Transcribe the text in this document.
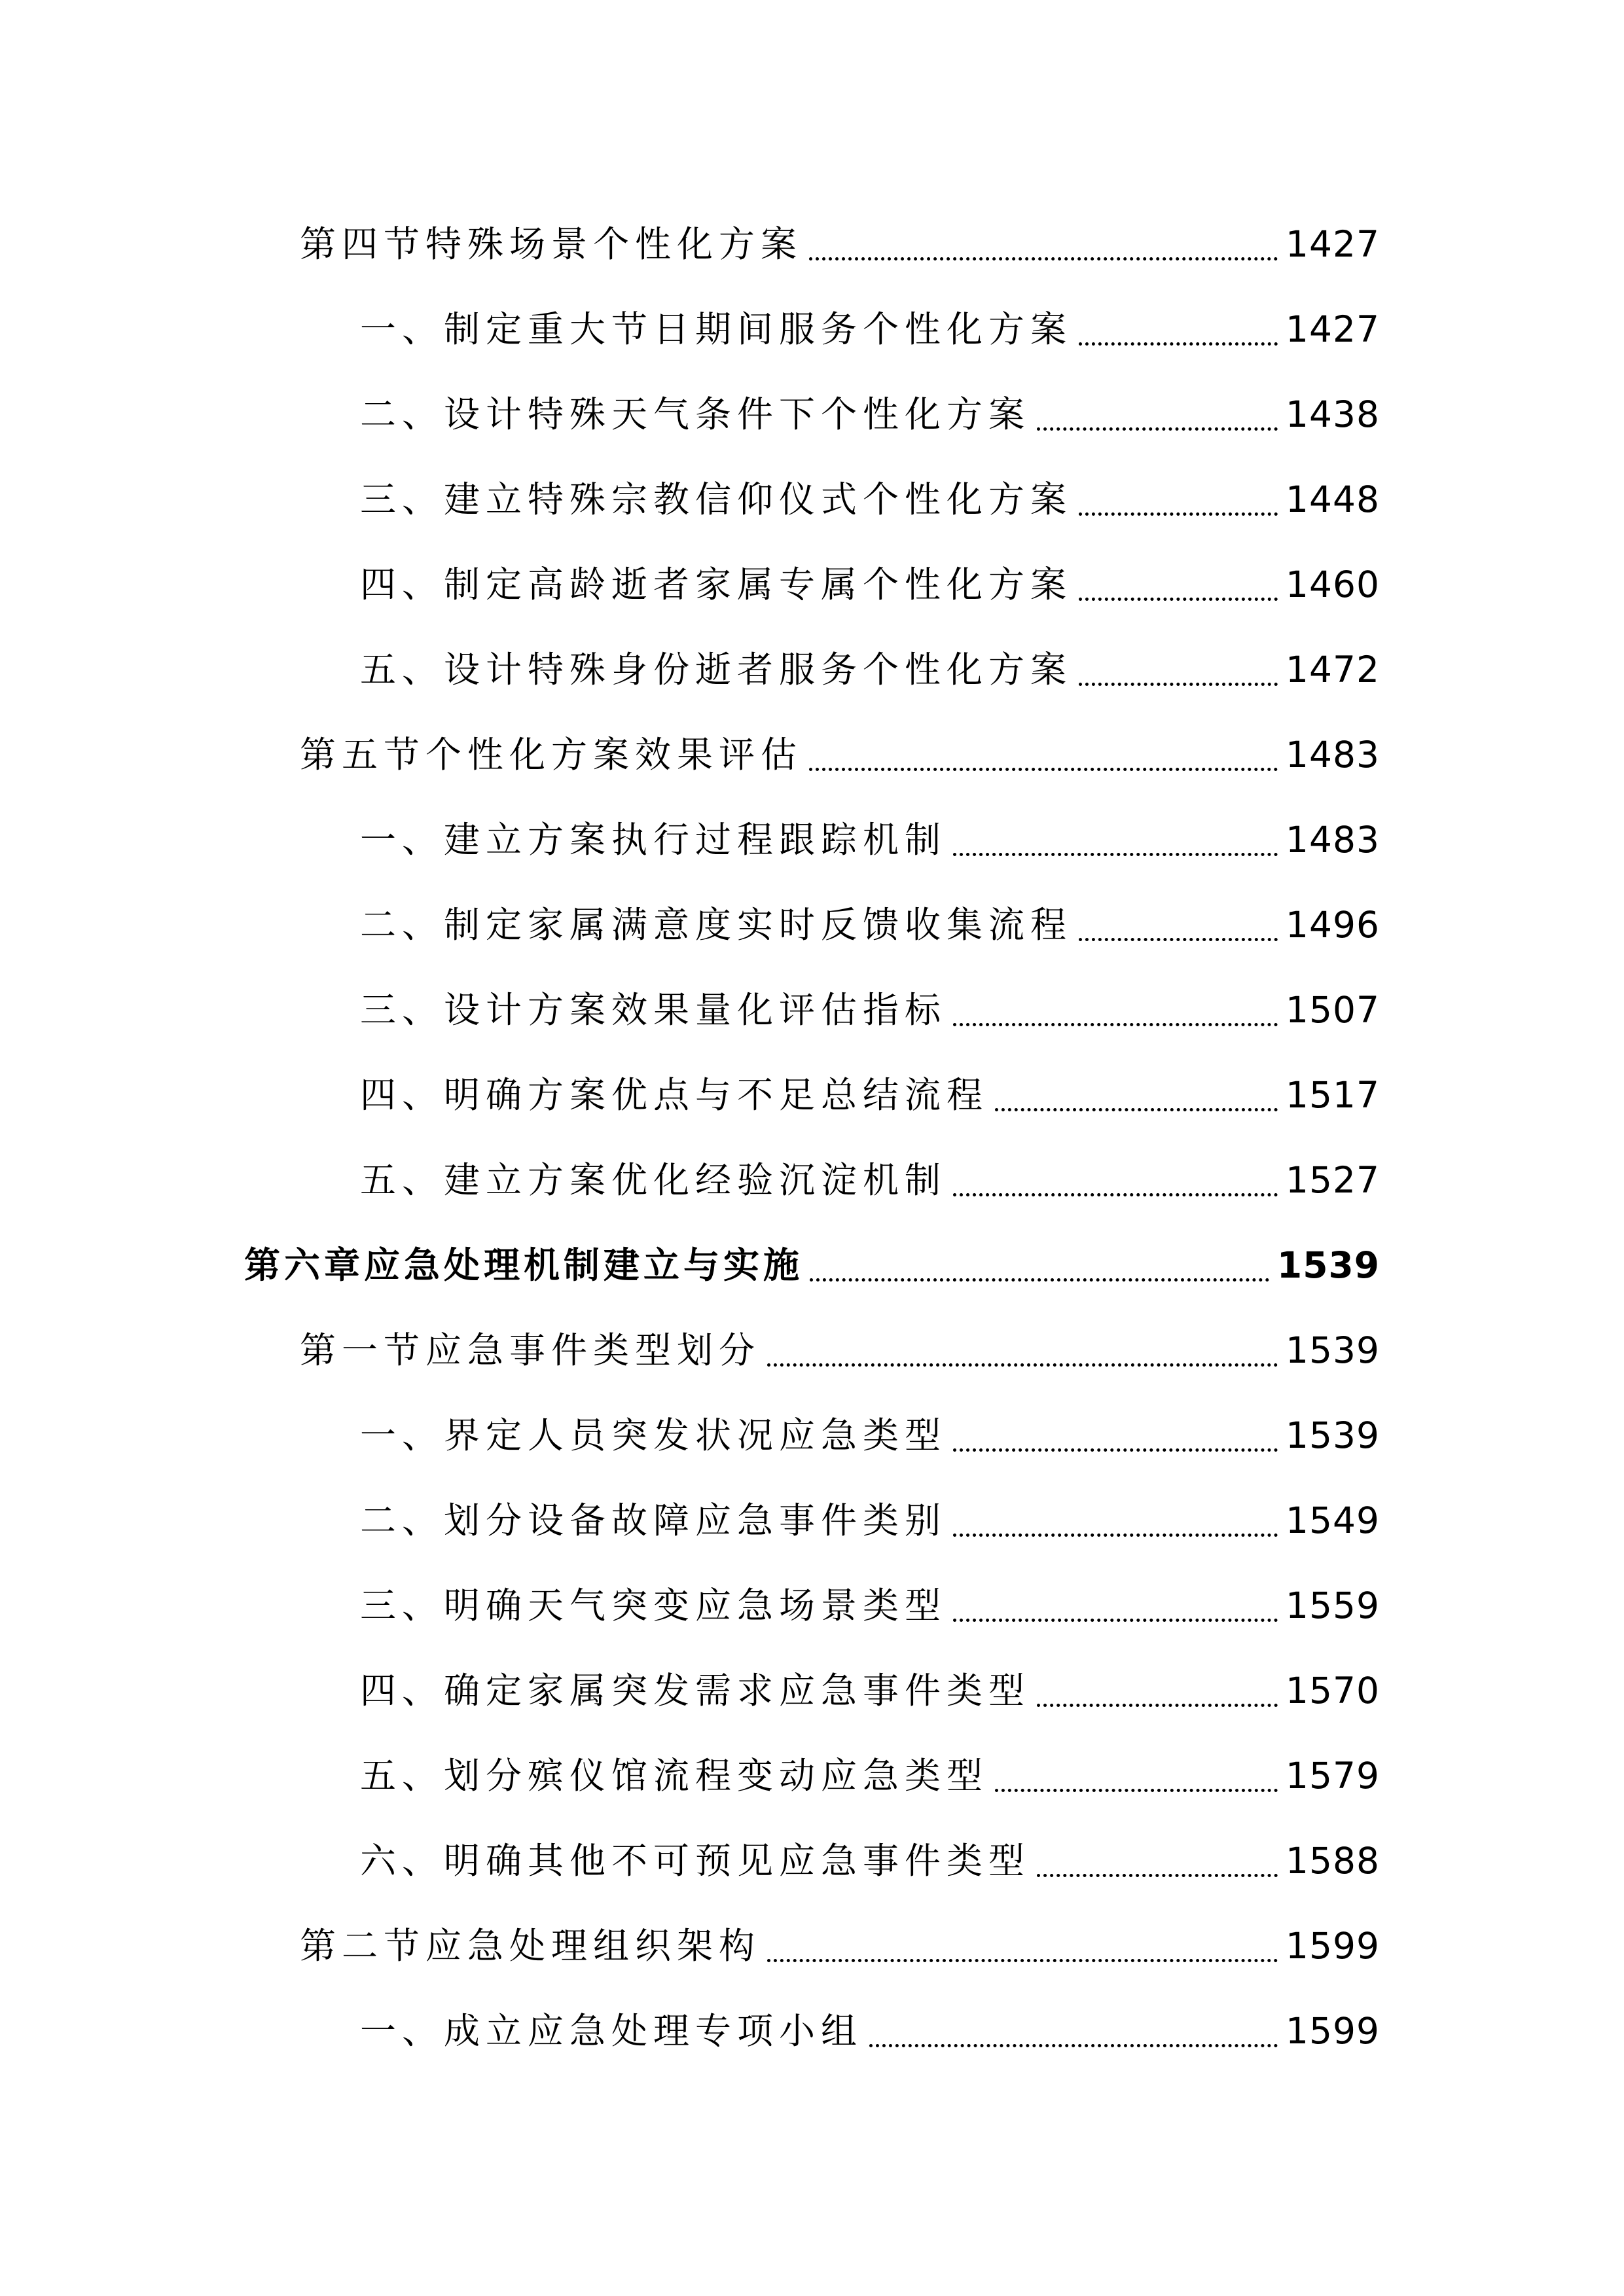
第四节特殊场景个性化方案	1427
一、制定重大节日期间服务个性化方案	1427
二、设计特殊天气条件下个性化方案	1438
三、建立特殊宗教信仰仪式个性化方案	1448
四、制定高龄逝者家属专属个性化方案	1460
五、设计特殊身份逝者服务个性化方案	1472
第五节个性化方案效果评估	1483
一、建立方案执行过程跟踪机制	1483
二、制定家属满意度实时反馈收集流程	1496
三、设计方案效果量化评估指标	1507
四、明确方案优点与不足总结流程	1517
五、建立方案优化经验沉淀机制	1527
第六章应急处理机制建立与实施	1539
第一节应急事件类型划分	1539
一、界定人员突发状况应急类型	1539
二、划分设备故障应急事件类别	1549
三、明确天气突变应急场景类型	1559
四、确定家属突发需求应急事件类型	1570
五、划分殡仪馆流程变动应急类型	1579
六、明确其他不可预见应急事件类型	1588
第二节应急处理组织架构	1599
一、成立应急处理专项小组	1599
